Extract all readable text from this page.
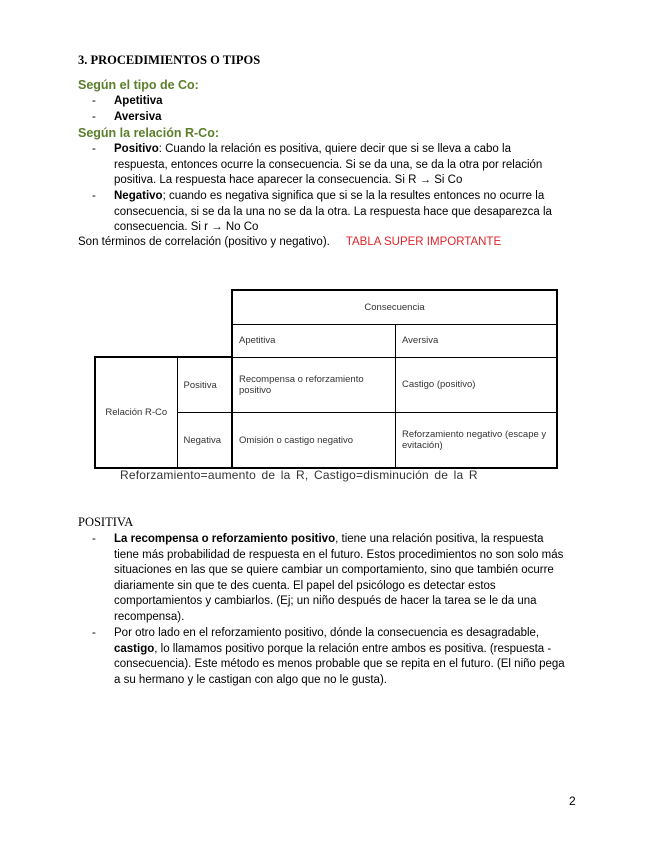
3. PROCEDIMIENTOS O TIPOS
Según el tipo de Co:
- Apetitiva
- Aversiva
Según la relación R-Co:
- Positivo: Cuando la relación es positiva, quiere decir que si se lleva a cabo la
respuesta, entonces ocurre la consecuencia. Si se da una, se da la otra por relación
positiva. La respuesta hace aparecer la consecuencia. Si R → Si Co
- Negativo; cuando es negativa significa que si se la la resultes entonces no ocurre la
consecuencia, si se da la una no se da la otra. La respuesta hace que desaparezca la
consecuencia. Si r → No Co
Son términos de correlación (positivo y negativo). TABLA SUPER IMPORTANTE
		Consecuencia	
		Apetitiva	Aversiva
Relación R-Co	Positiva	Recompensa o reforzamiento positivo	Castigo (positivo)
	Negativa	Omisión o castigo negativo	Reforzamiento negativo (escape y evitación)
Reforzamiento=aumento de la R, Castigo=disminución de la R
POSITIVA
- La recompensa o reforzamiento positivo, tiene una relación positiva, la respuesta
tiene más probabilidad de respuesta en el futuro. Estos procedimientos no son solo más
situaciones en las que se quiere cambiar un comportamiento, sino que también ocurre
diariamente sin que te des cuenta. El papel del psicólogo es detectar estos
comportamientos y cambiarlos. (Ej; un niño después de hacer la tarea se le da una
recompensa).
- Por otro lado en el reforzamiento positivo, dónde la consecuencia es desagradable,
castigo, lo llamamos positivo porque la relación entre ambos es positiva. (respuesta -
consecuencia). Este método es menos probable que se repita en el futuro. (El niño pega
a su hermano y le castigan con algo que no le gusta).
2
